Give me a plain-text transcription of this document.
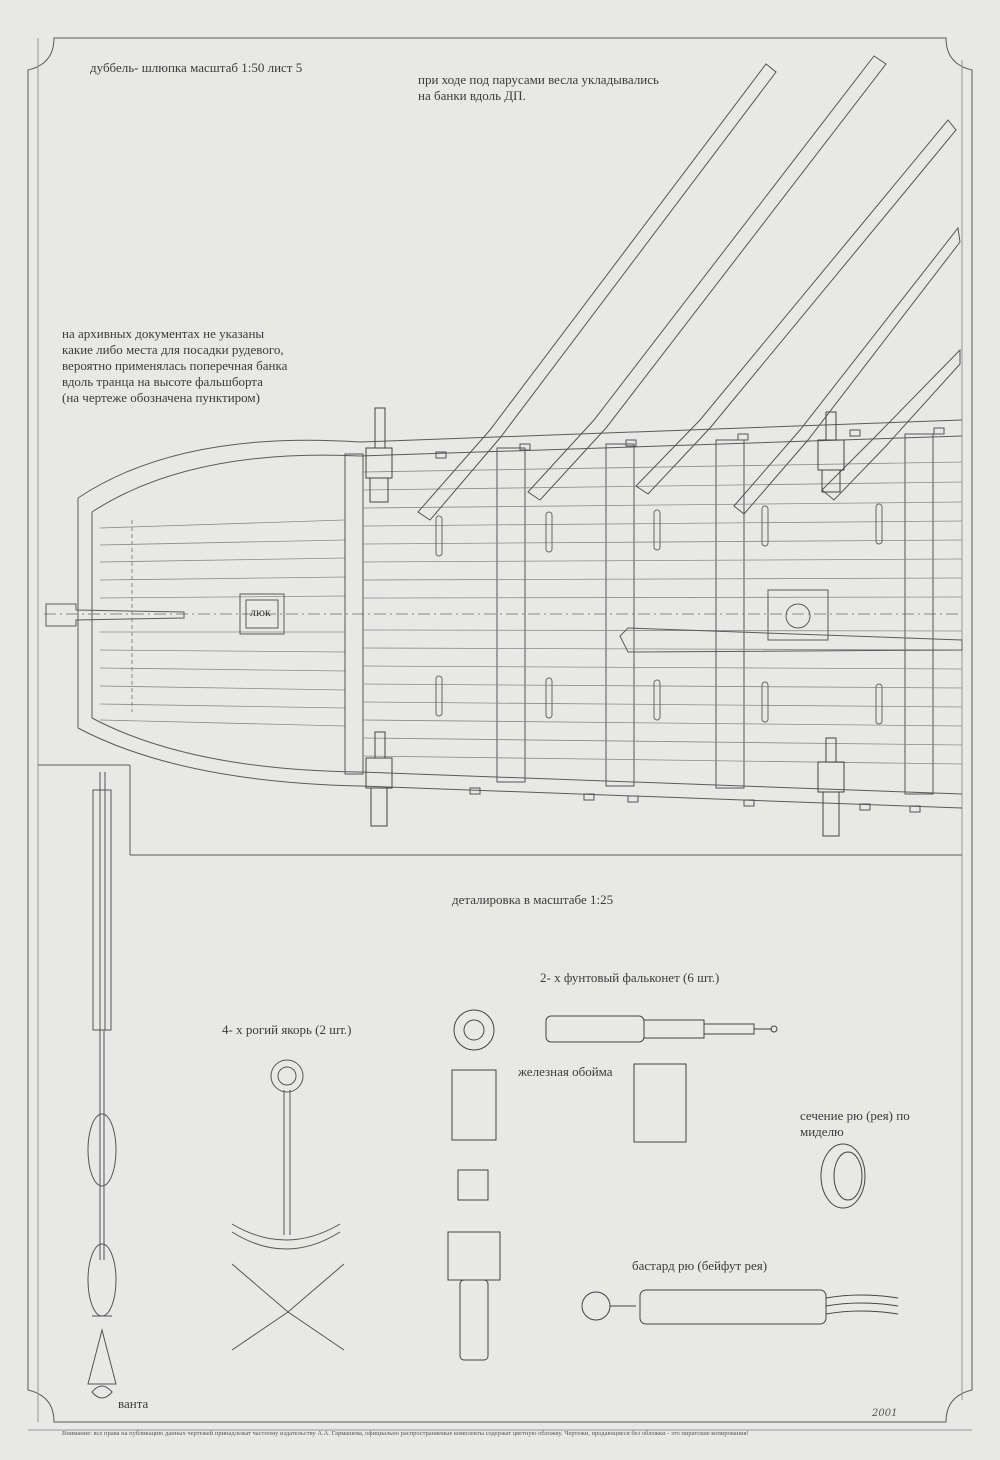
дуббель- шлюпка масштаб 1:50 лист 5
при ходе под парусами весла укладывались
на банки вдоль ДП.
на архивных документах не указаны
какие либо места для посадки рудевого,
вероятно применялась поперечная банка
вдоль транца на высоте фальшборта
(на чертеже обозначена пунктиром)
люк
деталировка в масштабе 1:25
2- х фунтовый фальконет (6 шт.)
4- х рогий якорь (2 шт.)
железная обойма
сечение рю (рея) по
миделю
бастард рю (бейфут рея)
ванта
2001
Внимание: все права на публикацию данных чертежей принадлежат частному издательству А.А. Гармашева, официально распространяемые комплекты содержат цветную обложку. Чертежи, продающиеся без обложки - это пиратские копирования!
